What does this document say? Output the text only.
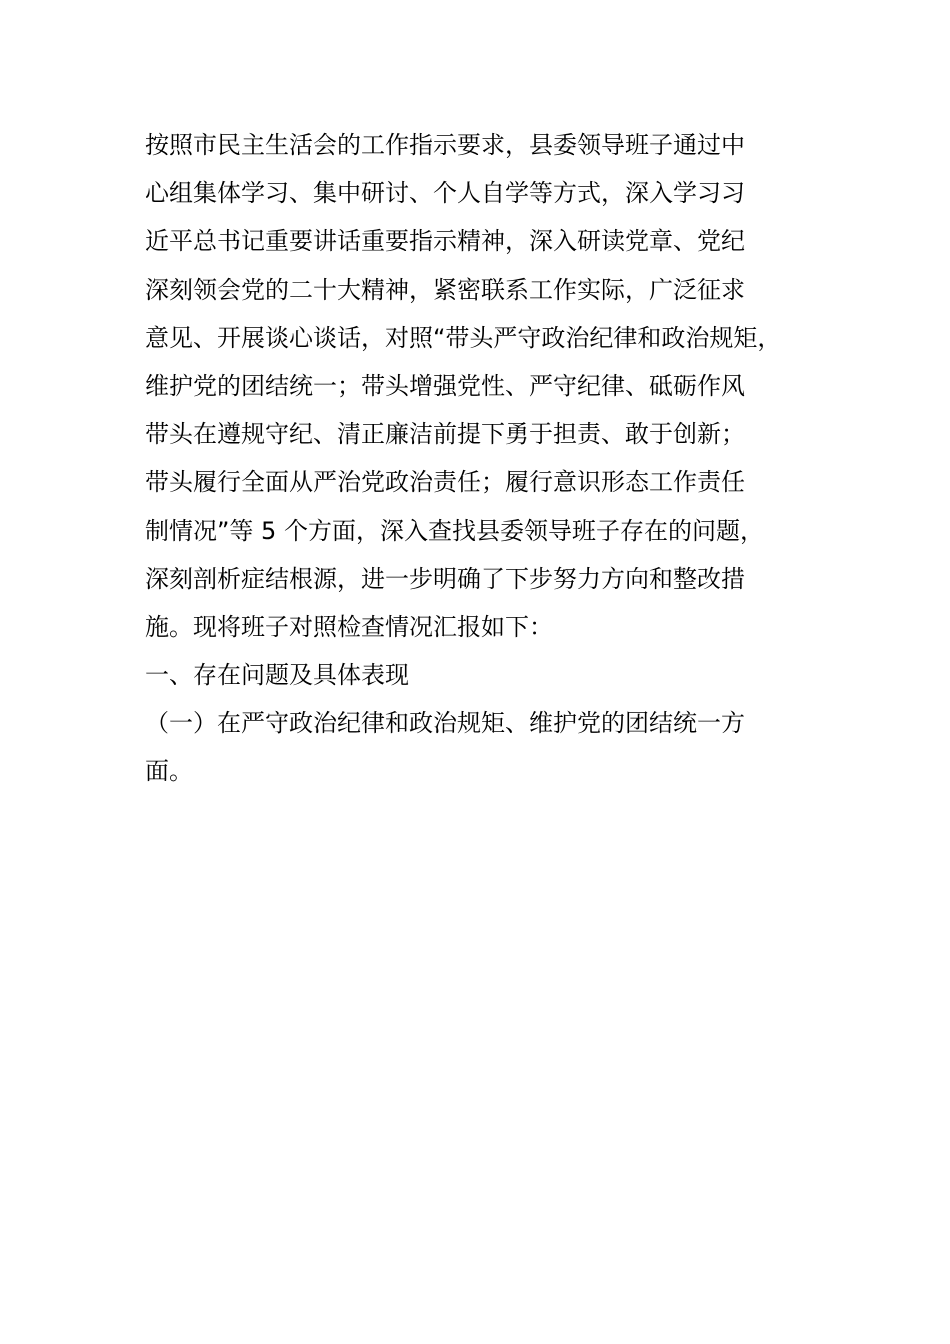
按照市民主生活会的工作指示要求，县委领导班子通过中
心组集体学习、集中研讨、个人自学等方式，深入学习习
近平总书记重要讲话重要指示精神，深入研读党章、党纪
深刻领会党的二十大精神，紧密联系工作实际，广泛征求
意见、开展谈心谈话，对照“带头严守政治纪律和政治规矩，
维护党的团结统一；带头增强党性、严守纪律、砥砺作风
带头在遵规守纪、清正廉洁前提下勇于担责、敢于创新；
带头履行全面从严治党政治责任；履行意识形态工作责任
制情况”等 5 个方面，深入查找县委领导班子存在的问题，
深刻剖析症结根源，进一步明确了下步努力方向和整改措
施。现将班子对照检查情况汇报如下：
一、存在问题及具体表现
（一）在严守政治纪律和政治规矩、维护党的团结统一方
面。
